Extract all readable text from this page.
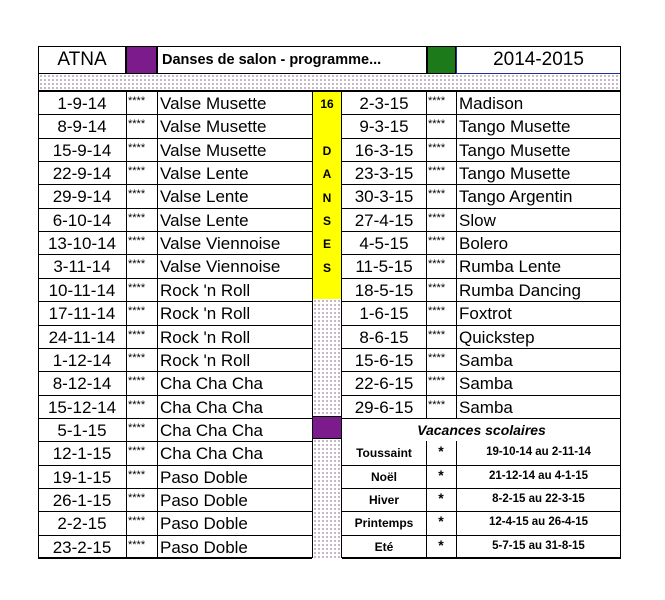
ATNA	Danses de salon - programme...	2014-2015
16
D
A
N
S
E
S
1-9-14	**** Valse Musette
8-9-14	**** Valse Musette
15-9-14	**** Valse Musette
22-9-14	**** Valse Lente
29-9-14	**** Valse Lente
6-10-14	**** Valse Lente
13-10-14	**** Valse Viennoise
3-11-14	**** Valse Viennoise
10-11-14	**** Rock 'n Roll
17-11-14	**** Rock 'n Roll
24-11-14	**** Rock 'n Roll
1-12-14	**** Rock 'n Roll
8-12-14	**** Cha Cha Cha
15-12-14	**** Cha Cha Cha
5-1-15	**** Cha Cha Cha
12-1-15	**** Cha Cha Cha
19-1-15	**** Paso Doble
26-1-15	**** Paso Doble
2-2-15	**** Paso Doble
23-2-15	**** Paso Doble
2-3-15	**** Madison
9-3-15	**** Tango Musette
16-3-15	**** Tango Musette
23-3-15	**** Tango Musette
30-3-15	**** Tango Argentin
27-4-15	**** Slow
4-5-15	**** Bolero
11-5-15	**** Rumba Lente
18-5-15	**** Rumba Dancing
1-6-15	**** Foxtrot
8-6-15	**** Quickstep
15-6-15	**** Samba
22-6-15	**** Samba
29-6-15	**** Samba
Toussaint	*	19-10-14 au 2-11-14
Noël	*	21-12-14 au 4-1-15
Hiver	*	8-2-15 au 22-3-15
Printemps	*	12-4-15 au 26-4-15
Eté	*	5-7-15 au 31-8-15
Vacances scolaires
